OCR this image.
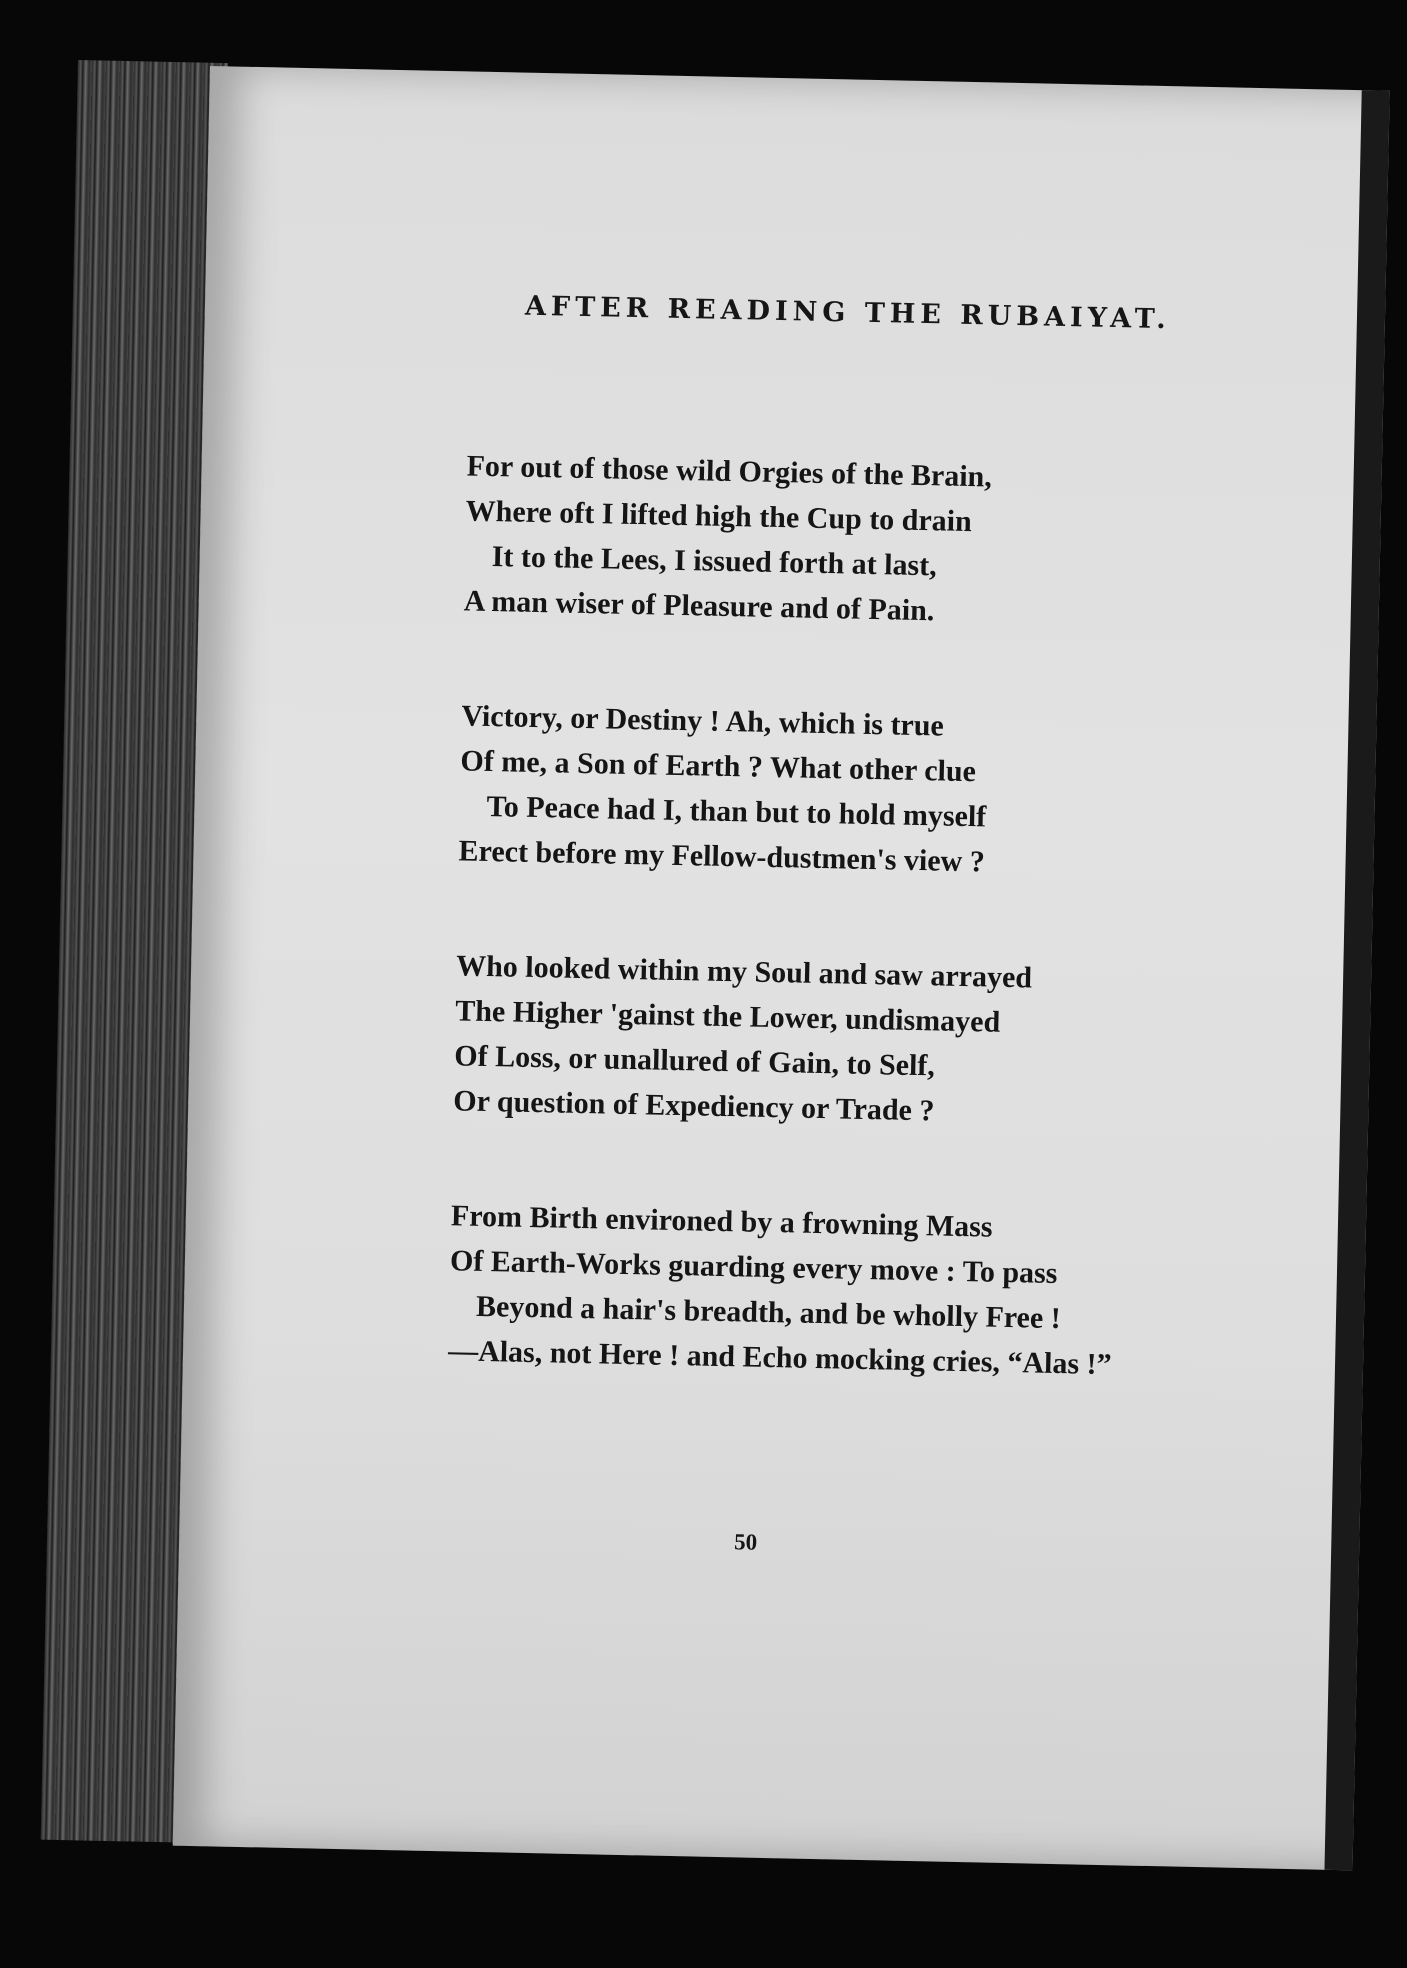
AFTER READING THE RUBAIYAT.
For out of those wild Orgies of the Brain,
Where oft I lifted high the Cup to drain
It to the Lees, I issued forth at last,
A man wiser of Pleasure and of Pain.
Victory, or Destiny ! Ah, which is true
Of me, a Son of Earth ? What other clue
To Peace had I, than but to hold myself
Erect before my Fellow-dustmen's view ?
Who looked within my Soul and saw arrayed
The Higher 'gainst the Lower, undismayed
Of Loss, or unallured of Gain, to Self,
Or question of Expediency or Trade ?
From Birth environed by a frowning Mass
Of Earth-Works guarding every move : To pass
Beyond a hair's breadth, and be wholly Free !
—Alas, not Here ! and Echo mocking cries, “Alas !”
50
